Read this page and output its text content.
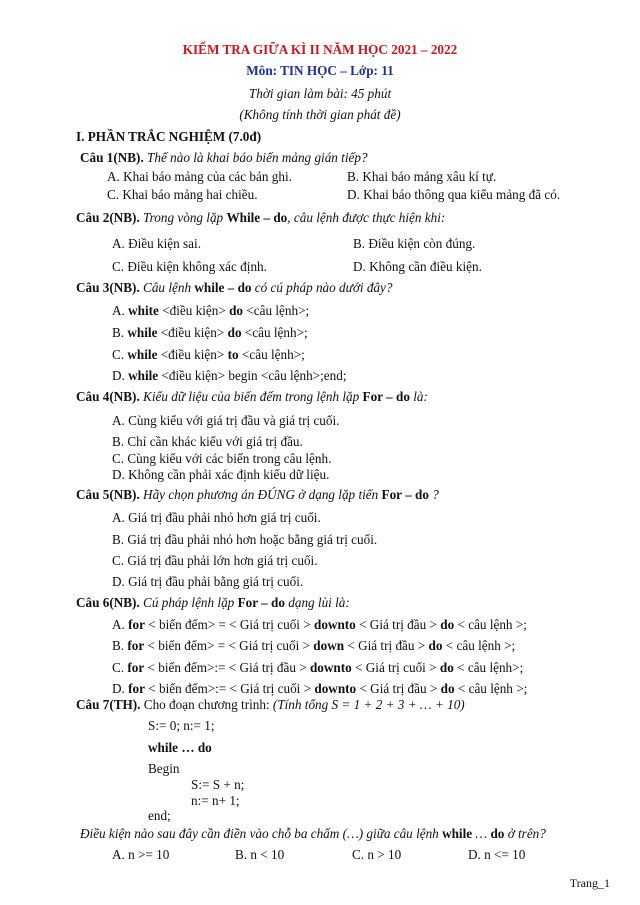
KIỂM TRA GIỮA KÌ II NĂM HỌC 2021 – 2022
Môn: TIN HỌC – Lớp: 11
Thời gian làm bài: 45 phút
(Không tính thời gian phát đề)
I. PHẦN TRẮC NGHIỆM (7.0đ)
Câu 1(NB). Thế nào là khai báo biến mảng gián tiếp?
A. Khai báo mảng của các bản ghi.	B. Khai báo mảng xâu kí tự.
C. Khai báo mảng hai chiều.	D. Khai báo thông qua kiểu mảng đã có.
Câu 2(NB). Trong vòng lặp While – do, câu lệnh được thực hiện khi:
A. Điều kiện sai.	B. Điều kiện còn đúng.
C. Điều kiện không xác định.	D. Không cần điều kiện.
Câu 3(NB). Câu lệnh while – do có cú pháp nào dưới đây?
A. white <điều kiện> do <câu lệnh>;
B. while <điều kiện> do <câu lệnh>;
C. while <điều kiện> to <câu lệnh>;
D. while <điều kiện> begin <câu lệnh>;end;
Câu 4(NB). Kiểu dữ liệu của biến đếm trong lệnh lặp For – do là:
A. Cùng kiểu với giá trị đầu và giá trị cuối.
B. Chỉ cần khác kiểu với giá trị đầu.
C. Cùng kiểu với các biến trong câu lệnh.
D. Không cần phải xác định kiểu dữ liệu.
Câu 5(NB). Hãy chọn phương án ĐÚNG ở dạng lặp tiến For – do ?
A. Giá trị đầu phải nhỏ hơn giá trị cuối.
B. Giá trị đầu phải nhỏ hơn hoặc bằng giá trị cuối.
C. Giá trị đầu phải lớn hơn giá trị cuối.
D. Giá trị đầu phải bằng giá trị cuối.
Câu 6(NB). Cú pháp lệnh lặp For – do dạng lùi là:
A. for < biến đếm> = < Giá trị cuối > downto < Giá trị đầu > do < câu lệnh >;
B. for < biến đếm> = < Giá trị cuối > down < Giá trị đầu > do < câu lệnh >;
C. for < biến đếm>:= < Giá trị đầu > downto < Giá trị cuối > do < câu lệnh>;
D. for < biến đếm>:= < Giá trị cuối > downto < Giá trị đầu > do < câu lệnh >;
Câu 7(TH). Cho đoạn chương trình: (Tính tổng S = 1 + 2 + 3 + … + 10)
S:= 0; n:= 1;
while … do
Begin
S:= S + n;
n:= n+ 1;
end;
Điều kiện nào sau đây cần điền vào chỗ ba chấm (…) giữa câu lệnh while … do ở trên?
A. n >= 10	B. n < 10	C. n > 10	D. n <= 10
Trang_1
